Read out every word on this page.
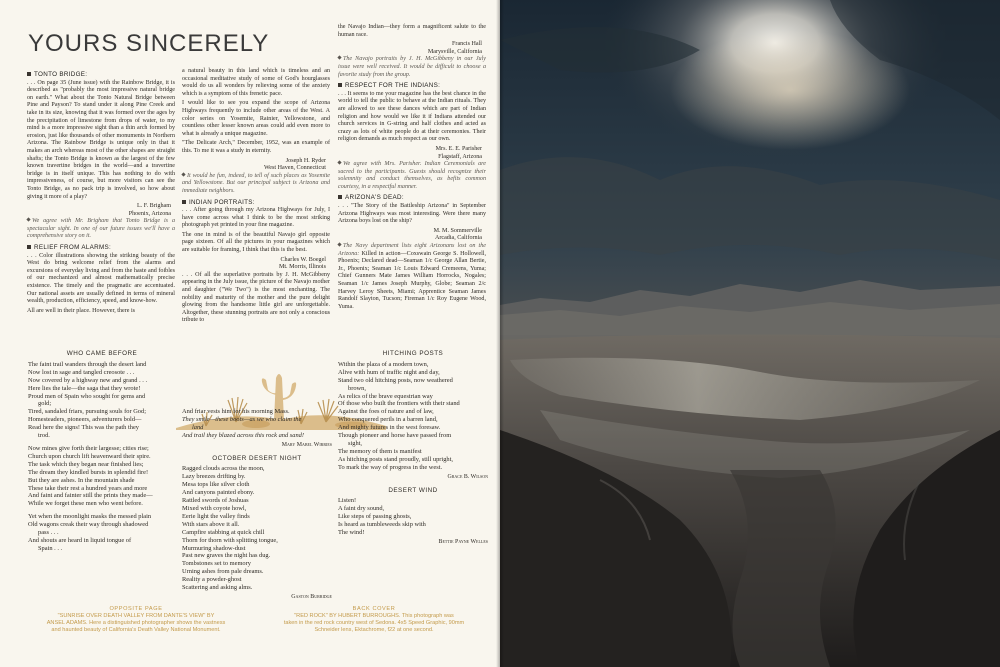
YOURS SINCERELY
TONTO BRIDGE:

. . . On page 35 (June issue) with the Rainbow Bridge, it is described as "probably the most impressive natural bridge on earth." What about the Tonto Natural Bridge between Pine and Payson? To stand under it along Pine Creek and take in its size, knowing that it was formed over the ages by the precipitation of limestone from drops of water, to my mind is a more impressive sight than a thin arch formed by erosion, just like thousands of other monuments in Northern Arizona. The Rainbow Bridge is unique only in that it makes an arch whereas most of the other shapes are straight shafts; the Tonto Bridge is known as the largest of the few known travertine bridges in the world—and a travertine bridge is in itself unique. This has nothing to do with impressiveness, of course, but more visitors can see the Tonto Bridge, as no pack trip is involved, so how about giving it more of a play?

L. F. Brigham
Phoenix, Arizona

We agree with Mr. Brigham that Tonto Bridge is a spectacular sight. In one of our future issues we'll have a comprehensive story on it.

RELIEF FROM ALARMS:

. . . Color illustrations showing the striking beauty of the West do bring welcome relief from the alarms and excursions of everyday living and from the haste and foibles of our mechanized and almost mathematically precise existence. The timely and the pragmatic are accentuated. Our national assets are usually defined in terms of mineral wealth, production, efficiency, speed, and know-how.

All are well in their place. However, there is

a natural beauty in this land which is timeless and an occasional meditative study of some of God's hourglasses would do us all wonders by relieving some of the anxiety which is a symptom of this frenetic pace.

I would like to see you expand the scope of Arizona Highways frequently to include other areas of the West. A color series on Yosemite, Rainier, Yellowstone, and countless other lesser known areas could add even more to what is already a unique magazine.

"The Delicate Arch," December, 1952, was an example of this. To me it was a study in eternity.

Joseph H. Ryder
West Haven, Connecticut

It would be fun, indeed, to tell of such places as Yosemite and Yellowstone. But our principal subject is Arizona and immediate neighbors.

INDIAN PORTRAITS:

. . . After going through my Arizona Highways for July, I have come across what I think to be the most striking photograph yet printed in your fine magazine.

The one in mind is of the beautiful Navajo girl opposite page sixteen. Of all the pictures in your magazines which are suitable for framing, I think that this is the best.

Charles W. Boegel
Mt. Morris, Illinois

. . . Of all the superlative portraits by J. H. McGibbeny appearing in the July issue, the picture of the Navajo mother and daughter ("We Two") is the most enchanting. The nobility and maturity of the mother and the pure delight glowing from the handsome little girl are unforgettable. Altogether, these stunning portraits are not only a conscious tribute to

the Navajo Indian—they form a magnificent salute to the human race.

Francis Hall
Marysville, California

The Navajo portraits by J. H. McGibbeny in our July issue were well received. It would be difficult to choose a favorite study from the group.

RESPECT FOR THE INDIANS:

. . . It seems to me your magazine has the best chance in the world to tell the public to behave at the Indian rituals. They are allowed to see these dances which are part of Indian religion and how would we like it if Indians attended our church services in G-string and half clothes and acted as crazy as lots of white people do at their ceremonies. Their religion demands as much respect as our own.

Mrs. E. E. Parisher
Flagstaff, Arizona

We agree with Mrs. Parisher. Indian Ceremonials are sacred to the participants. Guests should recognize their solemnity and conduct themselves, as befits common courtesy, in a respectful manner.

ARIZONA'S DEAD:

. . . "The Story of the Battleship Arizona" in September Arizona Highways was most interesting. Were there many Arizona boys lost on the ship?

M. M. Sommerville
Arcadia, California

The Navy department lists eight Arizonans lost on the Arizona: Killed in action—Coxswain George S. Hollowell, Phoenix; Declared dead—Seaman 1/c George Allan Bertie, Jr., Phoenix; Seaman 1/c Louis Edward Cremeens, Yuma; Chief Gunners Mate James William Horrocks, Nogales; Seaman 1/c James Joseph Murphy, Globe; Seaman 2/c Harvey Leroy Sheets, Miami; Apprentice Seaman James Randolf Slayton, Tucson; Fireman 1/c Roy Eugene Wood, Yuma.

WHO CAME BEFORE
The faint trail wanders through the desert land
Now lost in sage and tangled creosote . . .
Now covered by a highway new and grand . . .
Here lies the tale—the saga that they wrote!
Proud men of Spain who sought for gems and
gold;
Tired, sandaled friars, pursuing souls for God;
Homesteaders, pioneers, adventurers bold—
Read here the signs! This was the path they
trod.
Now mines give forth their largesse; cities rise;
Church upon church lift heavenward their spire.
The task which they began near finished lies;
The dream they kindled bursts in splendid fire!
But they are ashes. In the mountain shade
These take their rest a hundred years and more
And faint and fainter still the prints they made—
While we forget these men who went before.
Yet when the moonlight masks the messed plain
Old wagons creak their way through shadowed
pass . . .
And shouts are heard in liquid tongue of
Spain . . .
And friar vests him for his morning Mass.
They smile—these boots—as we who claim the
land
And trail they blazed across this rock and sand!
Mary Mabel Wirries
OCTOBER DESERT NIGHT
Ragged clouds across the moon,
Lazy breezes drifting by.
Mesa tops like silver cloth
And canyons painted ebony.
Rattled swords of Joshuas
Mixed with coyote howl,
Eerie light the valley finds
With stars above it all.
Campfire stabbing at quick chill
Thorn for thorn with splitting tongue,
Murmuring shadow-dust
Past new graves the night has dug.
Tombstones set to memory
Urning ashes from pale dreams.
Reality a powder-ghost
Scattering and asking alms.
Gaston Burridge
HITCHING POSTS
Within the plaza of a modern town,
Alive with hum of traffic night and day,
Stand two old hitching posts, now weathered
brown,
As relics of the brave equestrian way
Of those who built the frontiers with their stand
Against the foes of nature and of law,
Who conquered perils in a barren land,
And mighty futures in the west foresaw.
Though pioneer and horse have passed from
sight,
The memory of them is manifest
As hitching posts stand proudly, still upright,
To mark the way of progress in the west.
Grace B. Wilson
DESERT WIND
Listen!
A faint dry sound,
Like steps of passing ghosts,
Is heard as tumbleweeds skip with
The wind!
Bettie Payne Welles
OPPOSITE PAGE
"SUNRISE OVER DEATH VALLEY FROM DANTE'S VIEW" BY
ANSEL ADAMS. Here a distinguished photographer shows the vastness
and haunted beauty of California's Death Valley National Monument.
BACK COVER
"RED ROCK" BY HUBERT BURROUGHS. This photograph was
taken in the red rock country west of Sedona. 4x5 Speed Graphic, 90mm
Schneider lens, Ektachrome, f22 at one second.
